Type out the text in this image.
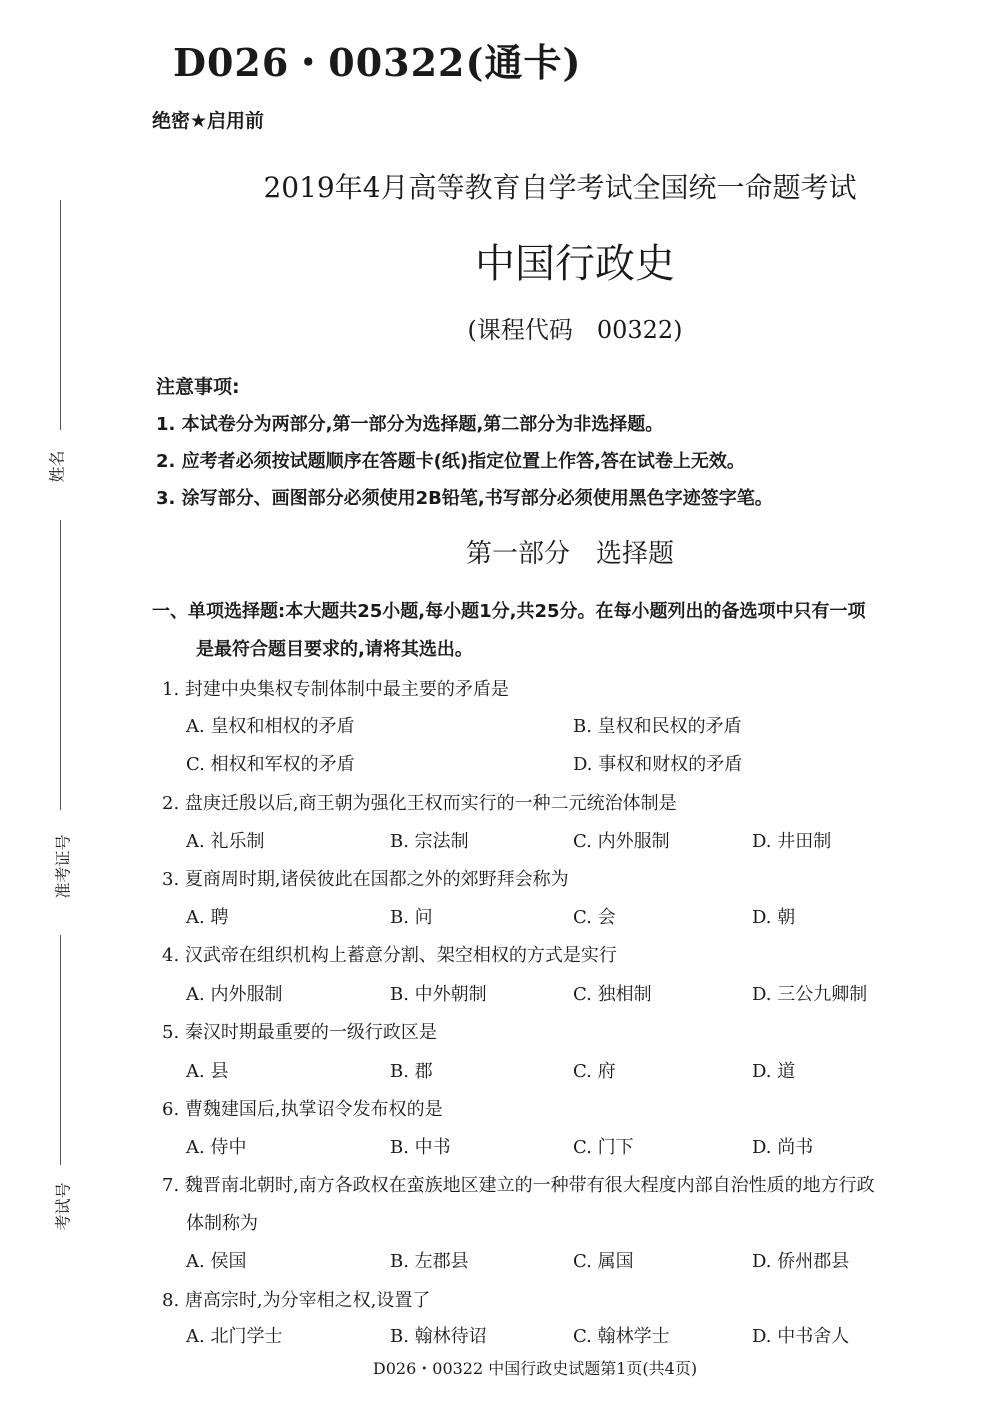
姓名
准考证号
考试号
D026・00322(通卡)
绝密★启用前
2019年4月高等教育自学考试全国统一命题考试
中国行政史
(课程代码　00322)
注意事项:
1. 本试卷分为两部分,第一部分为选择题,第二部分为非选择题。
2. 应考者必须按试题顺序在答题卡(纸)指定位置上作答,答在试卷上无效。
3. 涂写部分、画图部分必须使用2B铅笔,书写部分必须使用黑色字迹签字笔。
第一部分　选择题
一、单项选择题:本大题共25小题,每小题1分,共25分。在每小题列出的备选项中只有一项
是最符合题目要求的,请将其选出。
1. 封建中央集权专制体制中最主要的矛盾是
A. 皇权和相权的矛盾	B. 皇权和民权的矛盾
C. 相权和军权的矛盾	D. 事权和财权的矛盾
2. 盘庚迁殷以后,商王朝为强化王权而实行的一种二元统治体制是
A. 礼乐制	B. 宗法制	C. 内外服制	D. 井田制
3. 夏商周时期,诸侯彼此在国都之外的郊野拜会称为
A. 聘	B. 问	C. 会	D. 朝
4. 汉武帝在组织机构上蓄意分割、架空相权的方式是实行
A. 内外服制	B. 中外朝制	C. 独相制	D. 三公九卿制
5. 秦汉时期最重要的一级行政区是
A. 县	B. 郡	C. 府	D. 道
6. 曹魏建国后,执掌诏令发布权的是
A. 侍中	B. 中书	C. 门下	D. 尚书
7. 魏晋南北朝时,南方各政权在蛮族地区建立的一种带有很大程度内部自治性质的地方行政
体制称为
A. 侯国	B. 左郡县	C. 属国	D. 侨州郡县
8. 唐高宗时,为分宰相之权,设置了
A. 北门学士	B. 翰林待诏	C. 翰林学士	D. 中书舍人
D026・00322 中国行政史试题第1页(共4页)
